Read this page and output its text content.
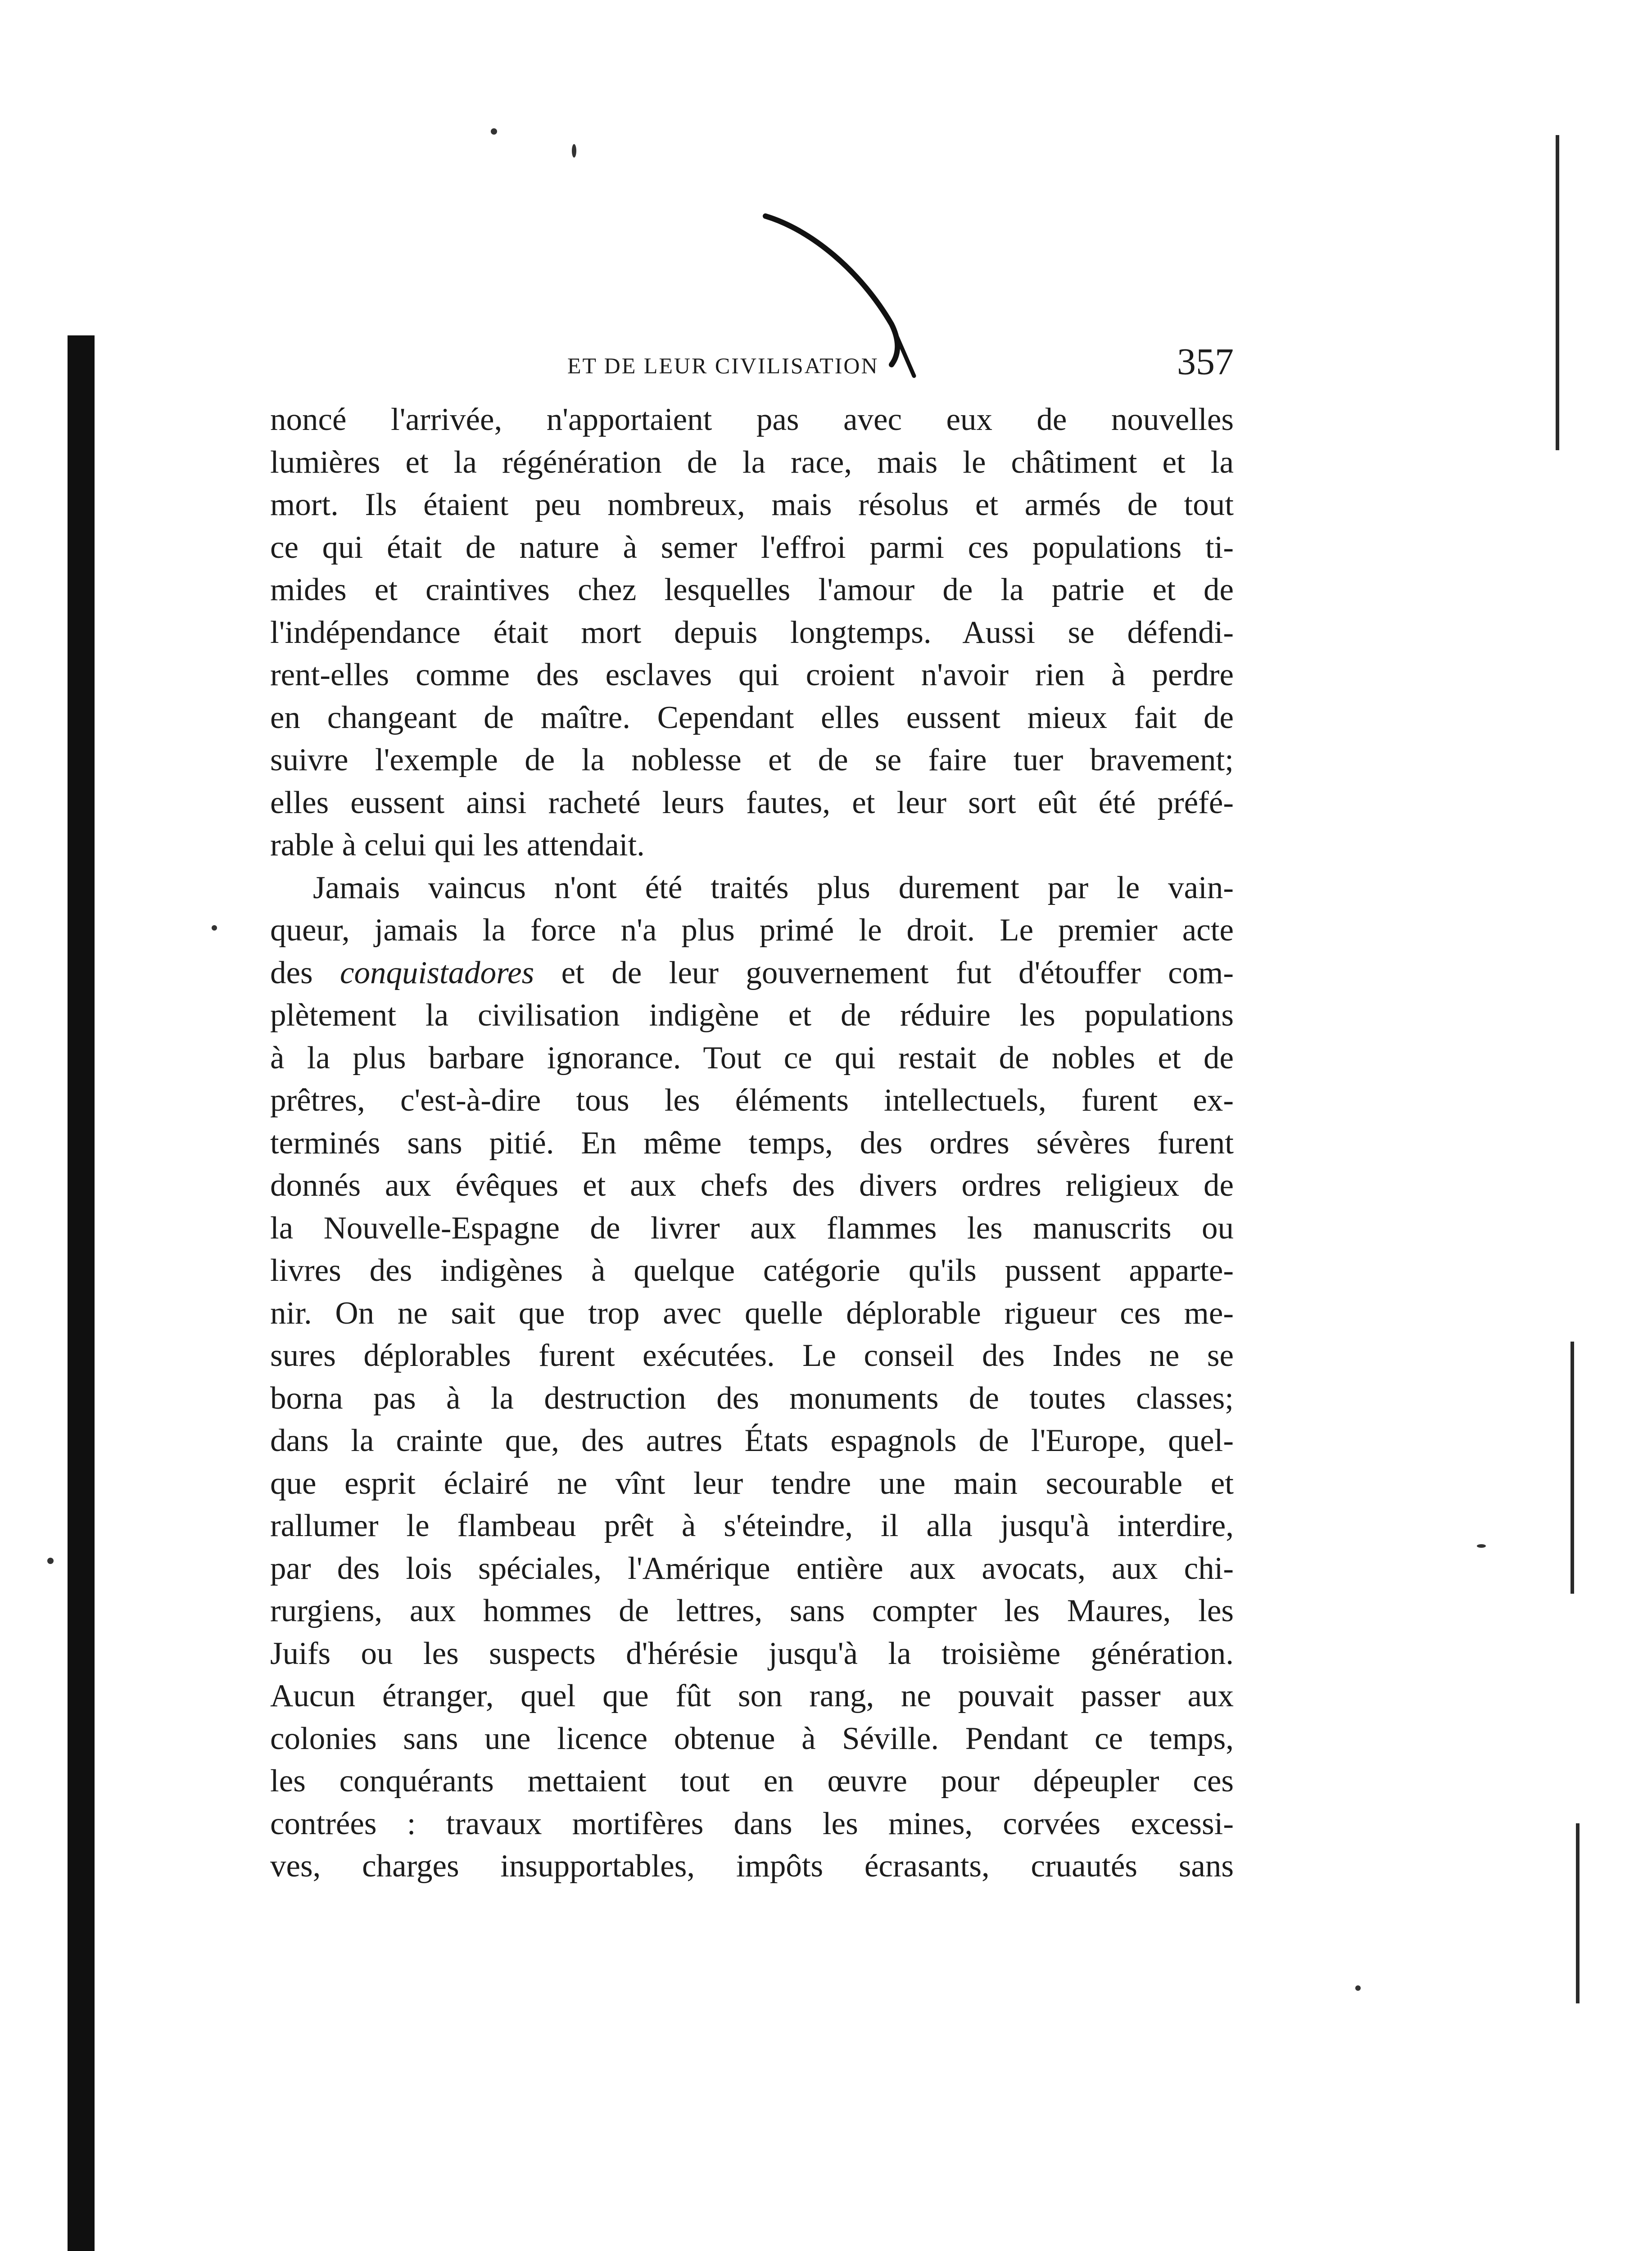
ET DE LEUR CIVILISATION	357
noncé l'arrivée, n'apportaient pas avec eux de nouvelles
lumières et la régénération de la race, mais le châtiment et la
mort. Ils étaient peu nombreux, mais résolus et armés de tout
ce qui était de nature à semer l'effroi parmi ces populations ti-
mides et craintives chez lesquelles l'amour de la patrie et de
l'indépendance était mort depuis longtemps. Aussi se défendi-
rent-elles comme des esclaves qui croient n'avoir rien à perdre
en changeant de maître. Cependant elles eussent mieux fait de
suivre l'exemple de la noblesse et de se faire tuer bravement;
elles eussent ainsi racheté leurs fautes, et leur sort eût été préfé-
rable à celui qui les attendait.
Jamais vaincus n'ont été traités plus durement par le vain-
queur, jamais la force n'a plus primé le droit. Le premier acte
des conquistadores et de leur gouvernement fut d'étouffer com-
plètement la civilisation indigène et de réduire les populations
à la plus barbare ignorance. Tout ce qui restait de nobles et de
prêtres, c'est-à-dire tous les éléments intellectuels, furent ex-
terminés sans pitié. En même temps, des ordres sévères furent
donnés aux évêques et aux chefs des divers ordres religieux de
la Nouvelle-Espagne de livrer aux flammes les manuscrits ou
livres des indigènes à quelque catégorie qu'ils pussent apparte-
nir. On ne sait que trop avec quelle déplorable rigueur ces me-
sures déplorables furent exécutées. Le conseil des Indes ne se
borna pas à la destruction des monuments de toutes classes;
dans la crainte que, des autres États espagnols de l'Europe, quel-
que esprit éclairé ne vînt leur tendre une main secourable et
rallumer le flambeau prêt à s'éteindre, il alla jusqu'à interdire,
par des lois spéciales, l'Amérique entière aux avocats, aux chi-
rurgiens, aux hommes de lettres, sans compter les Maures, les
Juifs ou les suspects d'hérésie jusqu'à la troisième génération.
Aucun étranger, quel que fût son rang, ne pouvait passer aux
colonies sans une licence obtenue à Séville. Pendant ce temps,
les conquérants mettaient tout en œuvre pour dépeupler ces
contrées : travaux mortifères dans les mines, corvées excessi-
ves, charges insupportables, impôts écrasants, cruautés sans
